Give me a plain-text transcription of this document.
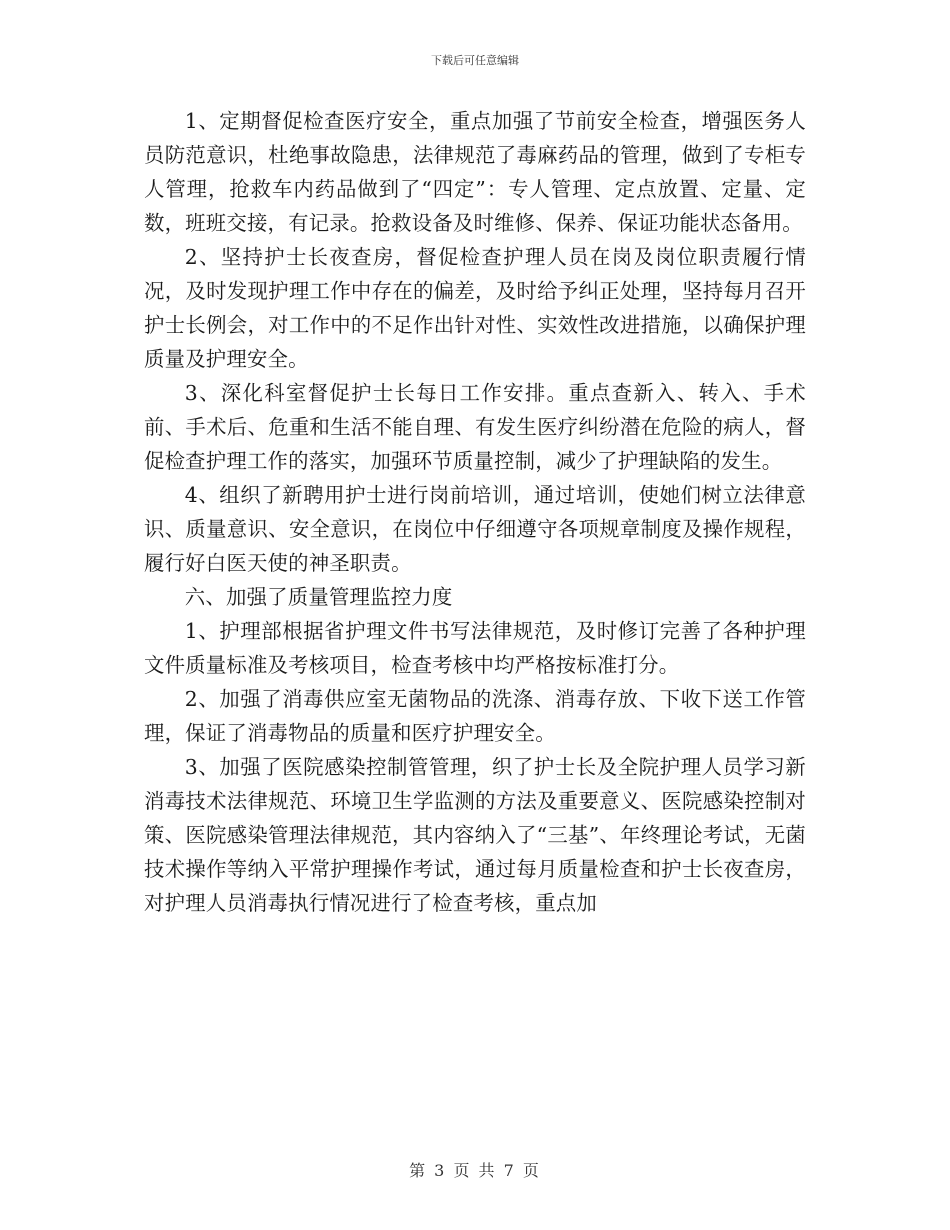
下载后可任意编辑

1、定期督促检查医疗安全，重点加强了节前安全检查，增强医务人员防范意识，杜绝事故隐患，法律规范了毒麻药品的管理，做到了专柜专人管理，抢救车内药品做到了“四定”：专人管理、定点放置、定量、定数，班班交接，有记录。抢救设备及时维修、保养、保证功能状态备用。

2、坚持护士长夜查房，督促检查护理人员在岗及岗位职责履行情况，及时发现护理工作中存在的偏差，及时给予纠正处理，坚持每月召开护士长例会，对工作中的不足作出针对性、实效性改进措施，以确保护理质量及护理安全。

3、深化科室督促护士长每日工作安排。重点查新入、转入、手术前、手术后、危重和生活不能自理、有发生医疗纠纷潜在危险的病人，督促检查护理工作的落实，加强环节质量控制，减少了护理缺陷的发生。

4、组织了新聘用护士进行岗前培训，通过培训，使她们树立法律意识、质量意识、安全意识，在岗位中仔细遵守各项规章制度及操作规程，履行好白医天使的神圣职责。

六、加强了质量管理监控力度

1、护理部根据省护理文件书写法律规范，及时修订完善了各种护理文件质量标准及考核项目，检查考核中均严格按标准打分。

2、加强了消毒供应室无菌物品的洗涤、消毒存放、下收下送工作管理，保证了消毒物品的质量和医疗护理安全。

3、加强了医院感染控制管管理，织了护士长及全院护理人员学习新消毒技术法律规范、环境卫生学监测的方法及重要意义、医院感染控制对策、医院感染管理法律规范，其内容纳入了“三基”、年终理论考试，无菌技术操作等纳入平常护理操作考试，通过每月质量检查和护士长夜查房，对护理人员消毒执行情况进行了检查考核，重点加

第 3 页 共 7 页
